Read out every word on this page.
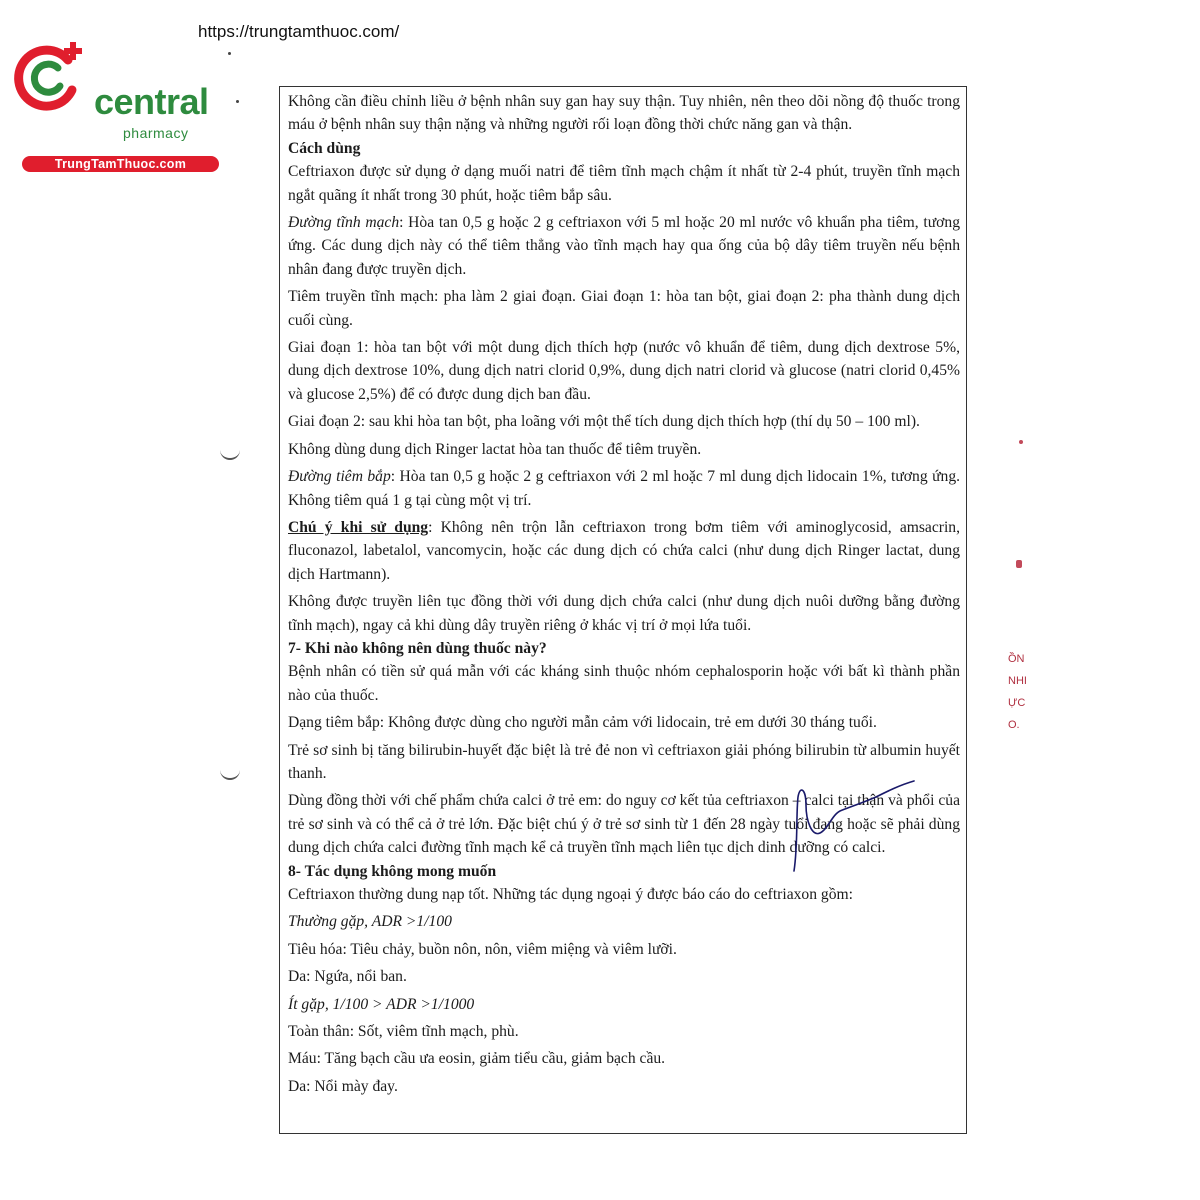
https://trungtamthuoc.com/
central
pharmacy
TrungTamThuoc.com

Không cần điều chỉnh liều ở bệnh nhân suy gan hay suy thận. Tuy nhiên, nên theo dõi nồng độ thuốc trong máu ở bệnh nhân suy thận nặng và những người rối loạn đồng thời chức năng gan và thận.

Cách dùng

Ceftriaxon được sử dụng ở dạng muối natri để tiêm tĩnh mạch chậm ít nhất từ 2-4 phút, truyền tĩnh mạch ngắt quãng ít nhất trong 30 phút, hoặc tiêm bắp sâu.

Đường tĩnh mạch: Hòa tan 0,5 g hoặc 2 g ceftriaxon với 5 ml hoặc 20 ml nước vô khuẩn pha tiêm, tương ứng. Các dung dịch này có thể tiêm thẳng vào tĩnh mạch hay qua ống của bộ dây tiêm truyền nếu bệnh nhân đang được truyền dịch.

Tiêm truyền tĩnh mạch: pha làm 2 giai đoạn. Giai đoạn 1: hòa tan bột, giai đoạn 2: pha thành dung dịch cuối cùng.

Giai đoạn 1: hòa tan bột với một dung dịch thích hợp (nước vô khuẩn để tiêm, dung dịch dextrose 5%, dung dịch dextrose 10%, dung dịch natri clorid 0,9%, dung dịch natri clorid và glucose (natri clorid 0,45% và glucose 2,5%) để có được dung dịch ban đầu.

Giai đoạn 2: sau khi hòa tan bột, pha loãng với một thể tích dung dịch thích hợp (thí dụ 50 – 100 ml).

Không dùng dung dịch Ringer lactat hòa tan thuốc để tiêm truyền.

Đường tiêm bắp: Hòa tan 0,5 g hoặc 2 g ceftriaxon với 2 ml hoặc 7 ml dung dịch lidocain 1%, tương ứng. Không tiêm quá 1 g tại cùng một vị trí.

Chú ý khi sử dụng: Không nên trộn lẫn ceftriaxon trong bơm tiêm với aminoglycosid, amsacrin, fluconazol, labetalol, vancomycin, hoặc các dung dịch có chứa calci (như dung dịch Ringer lactat, dung dịch Hartmann).

Không được truyền liên tục đồng thời với dung dịch chứa calci (như dung dịch nuôi dưỡng bằng đường tĩnh mạch), ngay cả khi dùng dây truyền riêng ở khác vị trí ở mọi lứa tuổi.

7- Khi nào không nên dùng thuốc này?

Bệnh nhân có tiền sử quá mẫn với các kháng sinh thuộc nhóm cephalosporin hoặc với bất kì thành phần nào của thuốc.

Dạng tiêm bắp: Không được dùng cho người mẫn cảm với lidocain, trẻ em dưới 30 tháng tuổi.

Trẻ sơ sinh bị tăng bilirubin-huyết đặc biệt là trẻ đẻ non vì ceftriaxon giải phóng bilirubin từ albumin huyết thanh.

Dùng đồng thời với chế phẩm chứa calci ở trẻ em: do nguy cơ kết tủa ceftriaxon – calci tại thận và phổi của trẻ sơ sinh và có thể cả ở trẻ lớn. Đặc biệt chú ý ở trẻ sơ sinh từ 1 đến 28 ngày tuổi đang hoặc sẽ phải dùng dung dịch chứa calci đường tĩnh mạch kể cả truyền tĩnh mạch liên tục dịch dinh dưỡng có calci.

8- Tác dụng không mong muốn

Ceftriaxon thường dung nạp tốt. Những tác dụng ngoại ý được báo cáo do ceftriaxon gồm:

Thường gặp, ADR >1/100

Tiêu hóa: Tiêu chảy, buồn nôn, nôn, viêm miệng và viêm lưỡi.

Da: Ngứa, nổi ban.

Ít gặp, 1/100 > ADR >1/1000

Toàn thân: Sốt, viêm tĩnh mạch, phù.

Máu: Tăng bạch cầu ưa eosin, giảm tiểu cầu, giảm bạch cầu.

Da: Nổi mày đay.

ỒN
NHI
ỰC
O.
